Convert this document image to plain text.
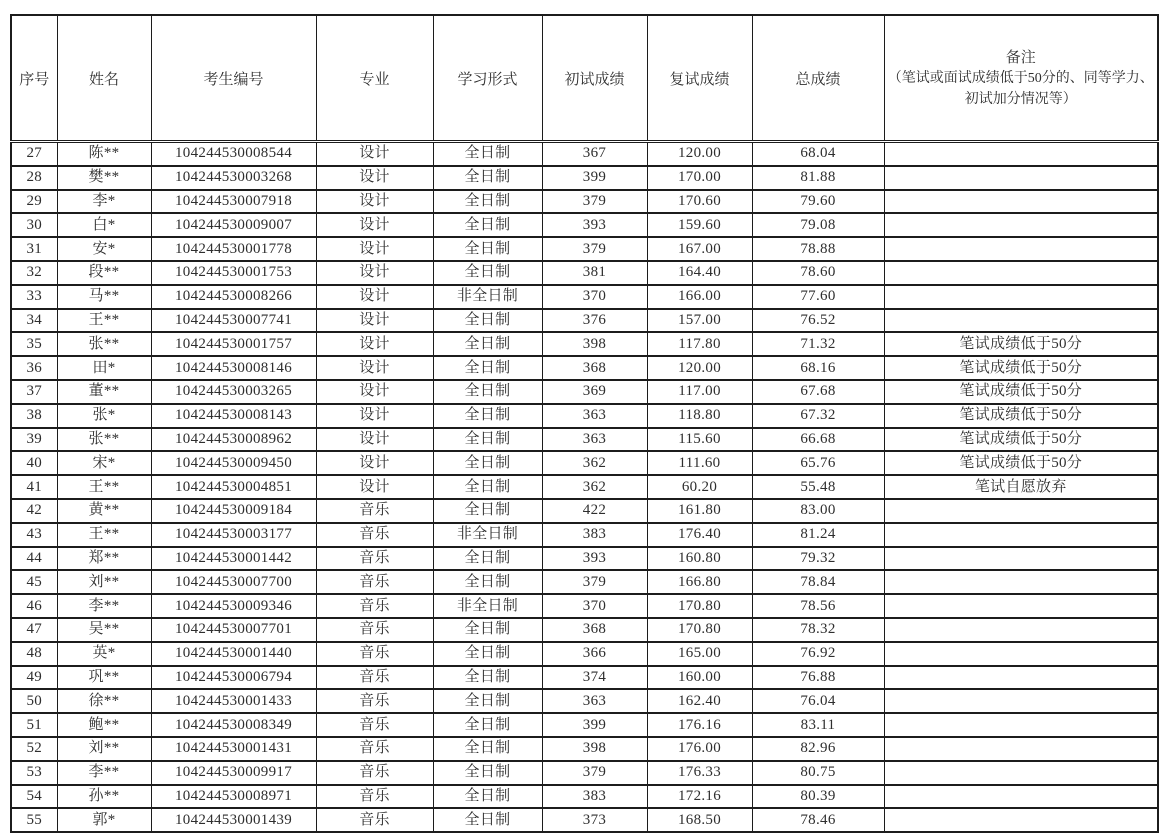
序号	姓名	考生编号	专业	学习形式	初试成绩	复试成绩	总成绩	备注
（笔试或面试成绩低于50分的、同等学力、初试加分情况等）

27	陈**	104244530008544	设计	全日制	367	120.00	68.04	
28	樊**	104244530003268	设计	全日制	399	170.00	81.88	
29	李*	104244530007918	设计	全日制	379	170.60	79.60	
30	白*	104244530009007	设计	全日制	393	159.60	79.08	
31	安*	104244530001778	设计	全日制	379	167.00	78.88	
32	段**	104244530001753	设计	全日制	381	164.40	78.60	
33	马**	104244530008266	设计	非全日制	370	166.00	77.60	
34	王**	104244530007741	设计	全日制	376	157.00	76.52	
35	张**	104244530001757	设计	全日制	398	117.80	71.32	笔试成绩低于50分
36	田*	104244530008146	设计	全日制	368	120.00	68.16	笔试成绩低于50分
37	董**	104244530003265	设计	全日制	369	117.00	67.68	笔试成绩低于50分
38	张*	104244530008143	设计	全日制	363	118.80	67.32	笔试成绩低于50分
39	张**	104244530008962	设计	全日制	363	115.60	66.68	笔试成绩低于50分
40	宋*	104244530009450	设计	全日制	362	111.60	65.76	笔试成绩低于50分
41	王**	104244530004851	设计	全日制	362	60.20	55.48	笔试自愿放弃
42	黄**	104244530009184	音乐	全日制	422	161.80	83.00	
43	王**	104244530003177	音乐	非全日制	383	176.40	81.24	
44	郑**	104244530001442	音乐	全日制	393	160.80	79.32	
45	刘**	104244530007700	音乐	全日制	379	166.80	78.84	
46	李**	104244530009346	音乐	非全日制	370	170.80	78.56	
47	吴**	104244530007701	音乐	全日制	368	170.80	78.32	
48	英*	104244530001440	音乐	全日制	366	165.00	76.92	
49	巩**	104244530006794	音乐	全日制	374	160.00	76.88	
50	徐**	104244530001433	音乐	全日制	363	162.40	76.04	
51	鲍**	104244530008349	音乐	全日制	399	176.16	83.11	
52	刘**	104244530001431	音乐	全日制	398	176.00	82.96	
53	李**	104244530009917	音乐	全日制	379	176.33	80.75	
54	孙**	104244530008971	音乐	全日制	383	172.16	80.39	
55	郭*	104244530001439	音乐	全日制	373	168.50	78.46	
